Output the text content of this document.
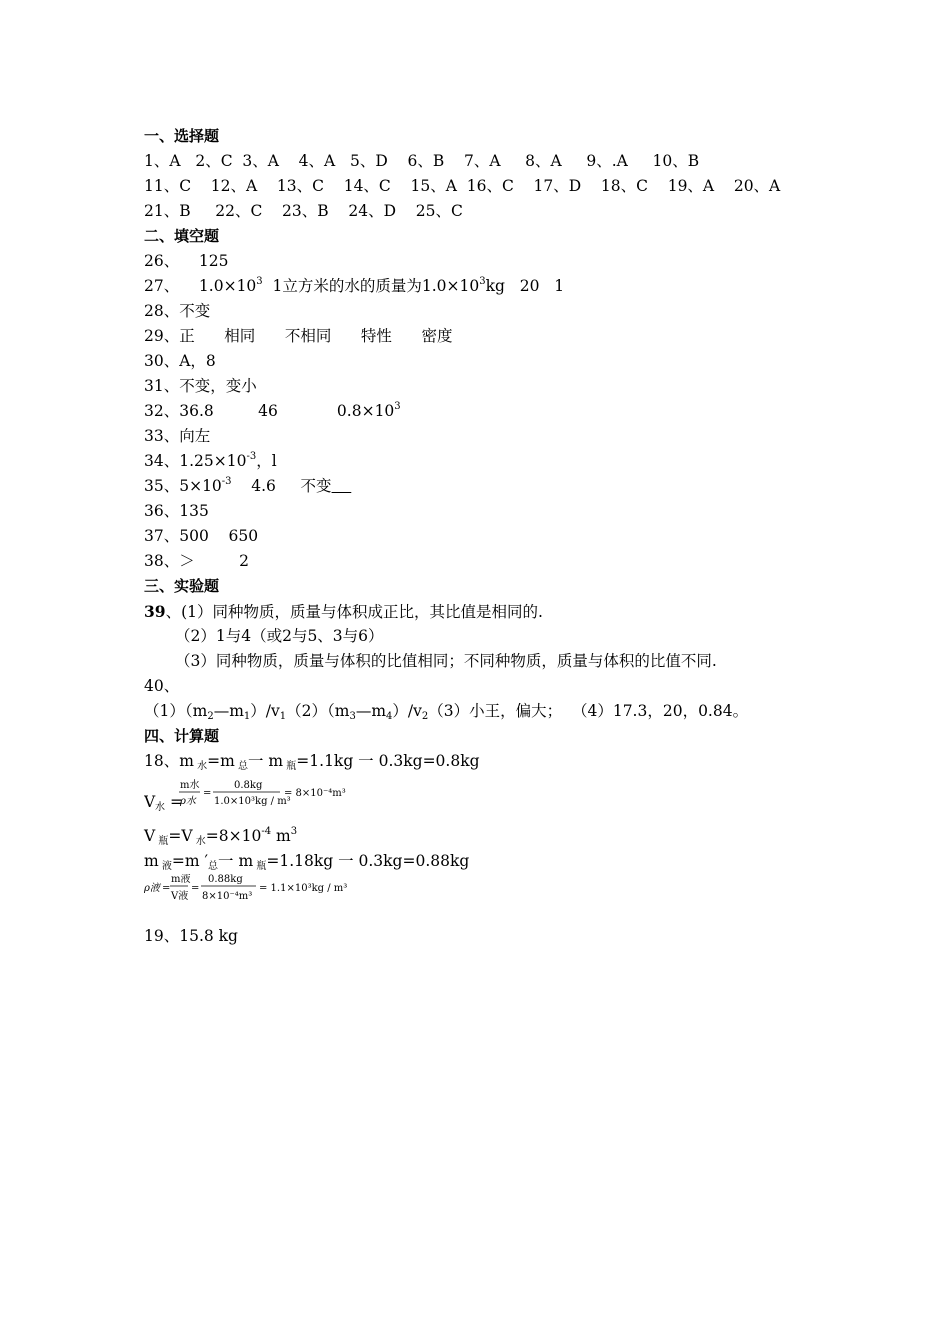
一、选择题
1、A   2、C  3、A    4、A   5、D    6、B    7、A     8、A     9、.A     10、B
11、C    12、A    13、C    14、C    15、A  16、C    17、D    18、C    19、A    20、A
21、B     22、C    23、B    24、D    25、C
二、填空题
26、    125
27、    $1.0\times 10^3$  1立方米的水的质量为$1.0\times 10^3kg$   20   1
28、不变
29、正      相同      不相同      特性      密度
30、A，8
31、不变，变小
32、36.8         46            $0.8\times 10^3$
33、向左
34、$1.25\times 10^{-3}$，l
35、$5\times 10^{-3}$    4.6     不变
36、135
37、500    650
38、＞         2
三、实验题
39、(1）同种物质，质量与体积成正比，其比值是相同的.
（2）1与4（或2与5、3与6）
（3）同种物质，质量与体积的比值相同；不同种物质，质量与体积的比值不同.
40、
（1）（m2—m1）/v1（2）（m3—m4）/v2（3）小王，偏大；  （4）17.3，20，0.84。
四、计算题
18、m 水=m 总一 m 瓶=1.1kg 一 0.3kg=0.8kg
V 水 =
m水
ρ水
=
0.8kg
1.0×10³kg / m³
= 8×10⁻⁴m³
V 瓶=V 水$=8\times 10^{-4}$ $m^3$
m 液=m ′总一 m 瓶=1.18kg 一 0.3kg=0.88kg
ρ液 =
m液
V液
=
0.88kg
8×10⁻⁴m³
= 1.1×10³kg / m³
19、15.8 kg
